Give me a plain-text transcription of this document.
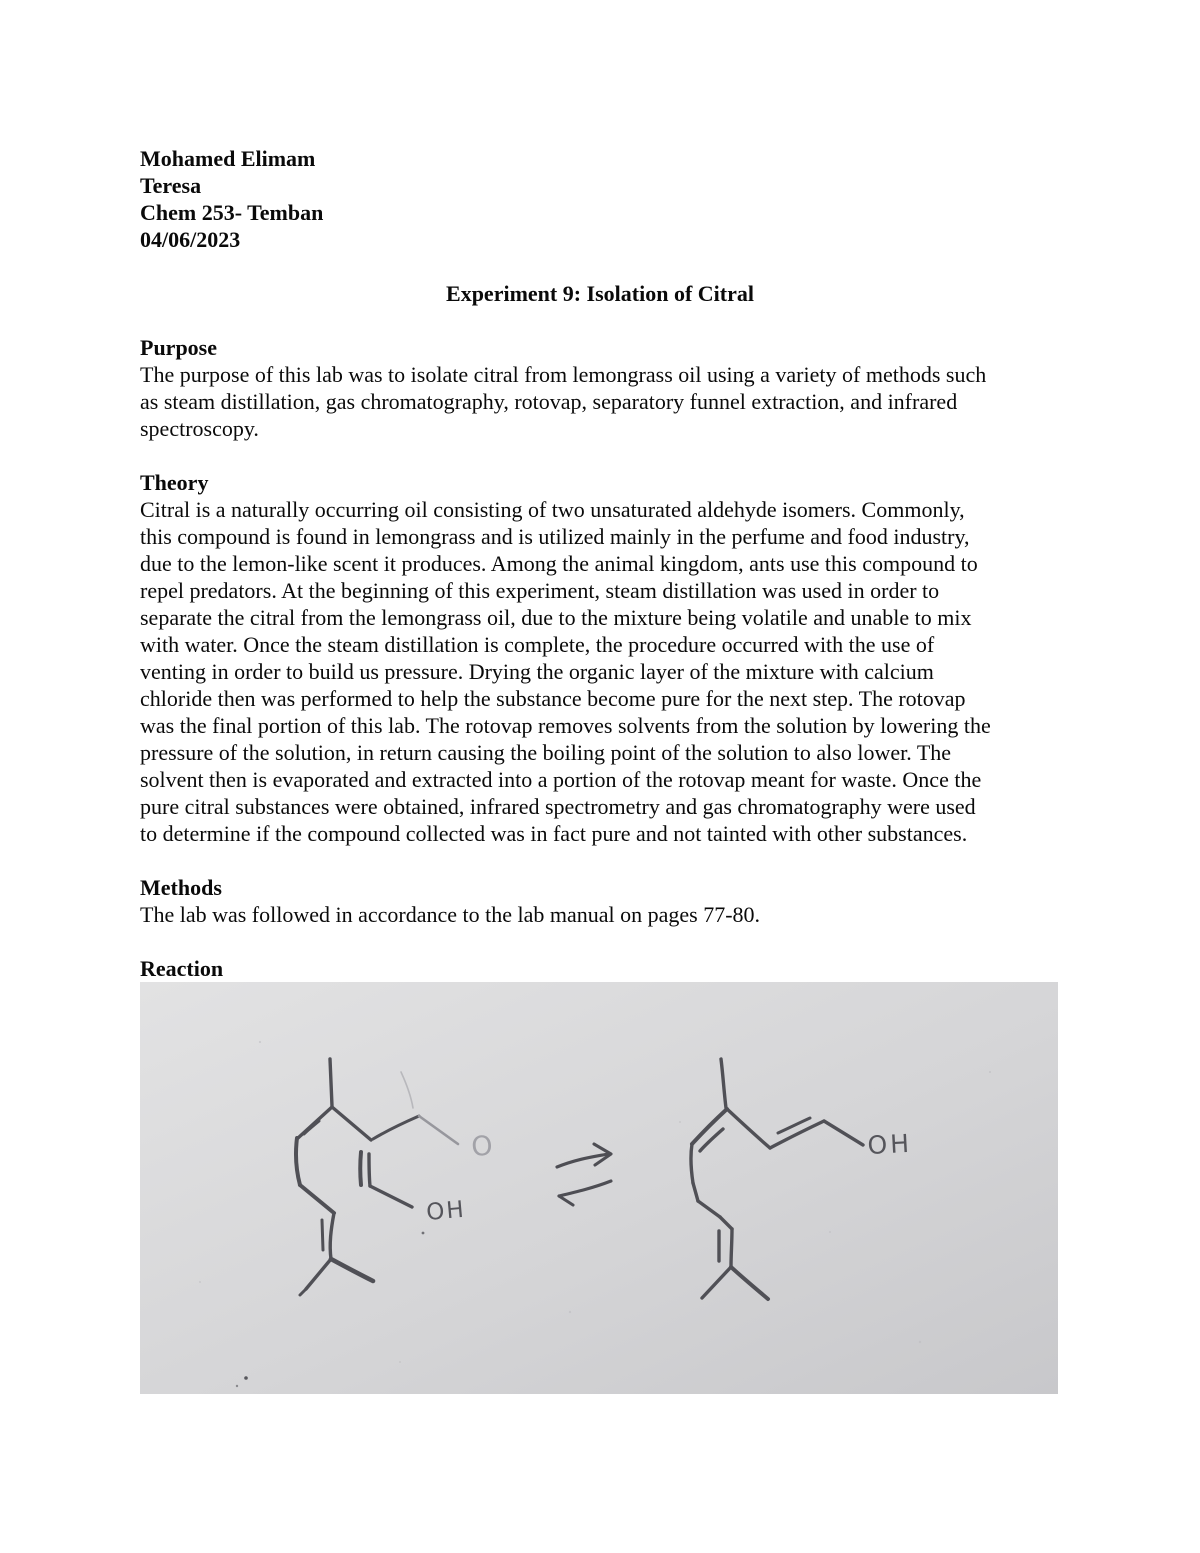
Mohamed Elimam
Teresa
Chem 253- Temban
04/06/2023
Experiment 9: Isolation of Citral
Purpose
The purpose of this lab was to isolate citral from lemongrass oil using a variety of methods such
as steam distillation, gas chromatography, rotovap, separatory funnel extraction, and infrared
spectroscopy.
Theory
Citral is a naturally occurring oil consisting of two unsaturated aldehyde isomers. Commonly,
this compound is found in lemongrass and is utilized mainly in the perfume and food industry,
due to the lemon-like scent it produces. Among the animal kingdom, ants use this compound to
repel predators. At the beginning of this experiment, steam distillation was used in order to
separate the citral from the lemongrass oil, due to the mixture being volatile and unable to mix
with water. Once the steam distillation is complete, the procedure occurred with the use of
venting in order to build us pressure. Drying the organic layer of the mixture with calcium
chloride then was performed to help the substance become pure for the next step. The rotovap
was the final portion of this lab. The rotovap removes solvents from the solution by lowering the
pressure of the solution, in return causing the boiling point of the solution to also lower. The
solvent then is evaporated and extracted into a portion of the rotovap meant for waste. Once the
pure citral substances were obtained, infrared spectrometry and gas chromatography were used
to determine if the compound collected was in fact pure and not tainted with other substances.
Methods
The lab was followed in accordance to the lab manual on pages 77-80.
Reaction
O
OH
OH
